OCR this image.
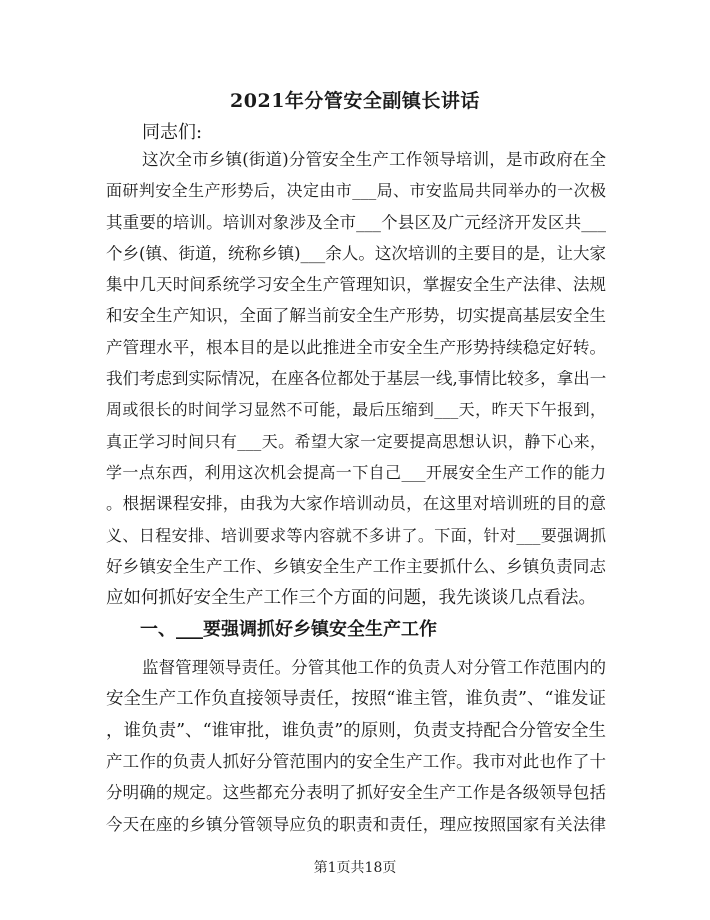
2021年分管安全副镇长讲话
同志们:
这次全市乡镇(街道)分管安全生产工作领导培训，是市政府在全
面研判安全生产形势后，决定由市___局、市安监局共同举办的一次极
其重要的培训。培训对象涉及全市___个县区及广元经济开发区共___
个乡(镇、街道，统称乡镇)___余人。这次培训的主要目的是，让大家
集中几天时间系统学习安全生产管理知识，掌握安全生产法律、法规
和安全生产知识，全面了解当前安全生产形势，切实提高基层安全生
产管理水平，根本目的是以此推进全市安全生产形势持续稳定好转。
我们考虑到实际情况，在座各位都处于基层一线,事情比较多，拿出一
周或很长的时间学习显然不可能，最后压缩到___天，昨天下午报到，
真正学习时间只有___天。希望大家一定要提高思想认识，静下心来，
学一点东西，利用这次机会提高一下自己___开展安全生产工作的能力
。根据课程安排，由我为大家作培训动员，在这里对培训班的目的意
义、日程安排、培训要求等内容就不多讲了。下面，针对___要强调抓
好乡镇安全生产工作、乡镇安全生产工作主要抓什么、乡镇负责同志
应如何抓好安全生产工作三个方面的问题，我先谈谈几点看法。
一、___要强调抓好乡镇安全生产工作
监督管理领导责任。分管其他工作的负责人对分管工作范围内的
安全生产工作负直接领导责任，按照“谁主管，谁负责”、“谁发证
，谁负责”、“谁审批，谁负责”的原则，负责支持配合分管安全生
产工作的负责人抓好分管范围内的安全生产工作。我市对此也作了十
分明确的规定。这些都充分表明了抓好安全生产工作是各级领导包括
今天在座的乡镇分管领导应负的职责和责任，理应按照国家有关法律
第1页共18页
